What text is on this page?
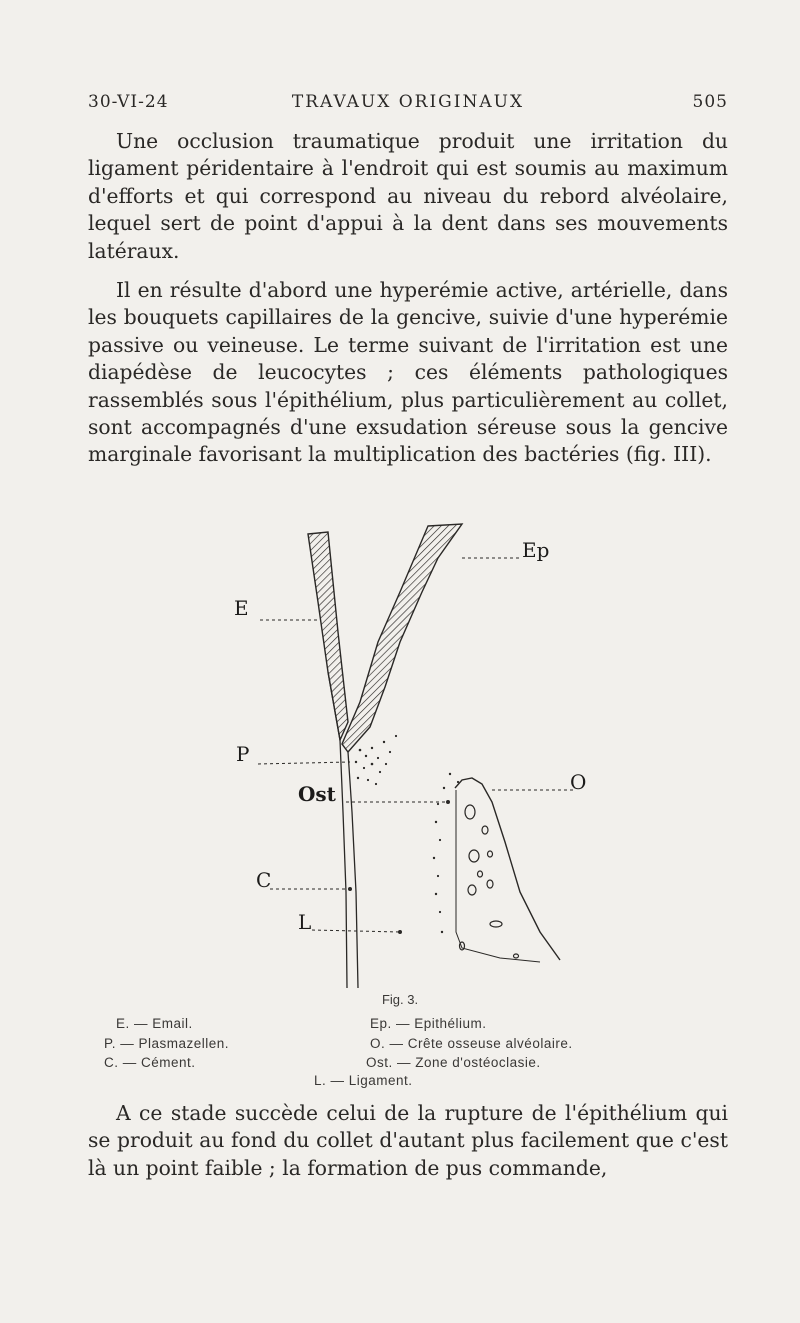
30-VI-24	TRAVAUX ORIGINAUX	505

Une occlusion traumatique produit une irritation du ligament péridentaire à l'endroit qui est soumis au maximum d'efforts et qui correspond au niveau du rebord alvéolaire, lequel sert de point d'appui à la dent dans ses mouvements latéraux.

Il en résulte d'abord une hyperémie active, artérielle, dans les bouquets capillaires de la gencive, suivie d'une hyperémie passive ou veineuse. Le terme suivant de l'irritation est une diapédèse de leucocytes ; ces éléments pathologiques rassemblés sous l'épithélium, plus particulièrement au collet, sont accompagnés d'une exsudation séreuse sous la gencive marginale favorisant la multiplication des bactéries (fig. III).

E
Ep
P
Ost	O
C
L
Fig. 3.
E. — Email.	Ep. — Epithélium.
P. — Plasmazellen.	O. — Crête osseuse alvéolaire.
C. — Cément.	Ost. — Zone d'ostéoclasie.
L. — Ligament.

A ce stade succède celui de la rupture de l'épithélium qui se produit au fond du collet d'autant plus facilement que c'est là un point faible ; la formation de pus commande,
